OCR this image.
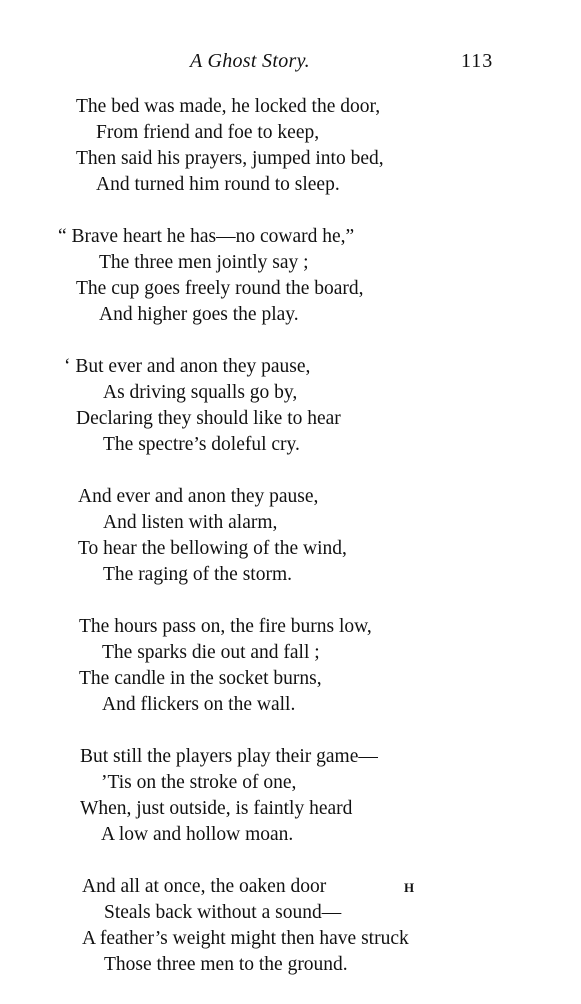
A Ghost Story.	113
The bed was made, he locked the door,
From friend and foe to keep,
Then said his prayers, jumped into bed,
And turned him round to sleep.
“ Brave heart he has—no coward he,”
The three men jointly say ;
The cup goes freely round the board,
And higher goes the play.
‘ But ever and anon they pause,
As driving squalls go by,
Declaring they should like to hear
The spectre’s doleful cry.
And ever and anon they pause,
And listen with alarm,
To hear the bellowing of the wind,
The raging of the storm.
The hours pass on, the fire burns low,
The sparks die out and fall ;
The candle in the socket burns,
And flickers on the wall.
But still the players play their game—
’Tis on the stroke of one,
When, just outside, is faintly heard
A low and hollow moan.
And all at once, the oaken door
Steals back without a sound—
A feather’s weight might then have struck
Those three men to the ground.
H
